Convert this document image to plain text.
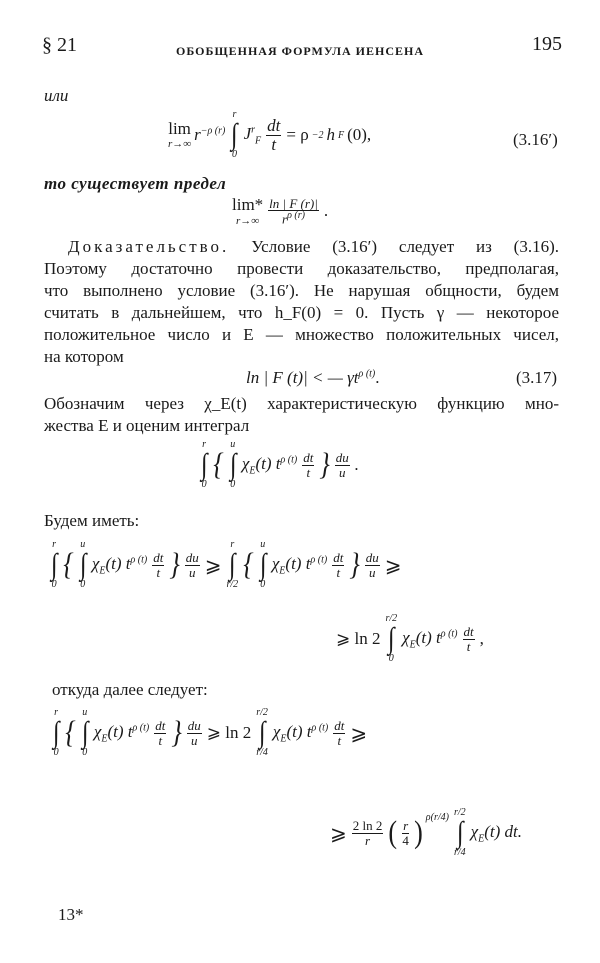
§ 21	ОБОБЩЕННАЯ ФОРМУЛА ИЕНСЕНА	195
или
lim
r→∞
$r^{-\rho (r)}$
r
∫
0
$J^r_F \frac{dt}{t} = \rho -2$ h F (0),	(3.16′)
то существует предел
lim*
$r\to\infty \frac{\ln | F (r)|}{r^{\rho (r)}}$ .
Доказательство. Условие (3.16′) следует из (3.16).
Поэтому достаточно провести доказательство, предполагая,
что выполнено условие (3.16′). Не нарушая общности, будем
считать в дальнейшем, что h_F(0) = 0. Пусть γ — некоторое
положительное число и E — множество положительных чисел,
на котором
ln | F (t)| < — $\gamma t^{\rho (t)}$.	(3.17)
Обозначим через χ_E(t) характеристическую функцию мно-
жества E и оценим интеграл
r
∫
0
{
u
∫
0
$\chi_E(t)$ $t^{\rho (t)} \frac{dt}{t}$ } $\frac{du}{u}$ .
Будем иметь:
r
∫
0
{
u
∫
0
$\chi_E(t)$ $t^{\rho (t)} \frac{dt}{t}$ } $\frac{du}{u}$ ⩾
r
∫
r/2
{
u
∫
0
$\chi_E(t)$ $t^{\rho (t)} \frac{dt}{t}$ } $\frac{du}{u}$ ⩾
⩾ ln 2
r/2
∫
0
$\chi_E(t)$ $t^{\rho (t)} \frac{dt}{t}$ ,
откуда далее следует:
r
∫
0
{
u
∫
0
$\chi_E(t)$ $t^{\rho (t)} \frac{dt}{t}$ } $\frac{du}{u}$ ⩾ ln 2
r/2
∫
r/4
$\chi_E(t)$ $t^{\rho (t)} \frac{dt}{t}$ ⩾
⩾ $\frac{2 \ln 2}{r}$ ( $\frac{r}{4}$ ) $^{\rho(r/4)}$ r/2
∫
r/4
$\chi_E(t)$ dt.
13*
